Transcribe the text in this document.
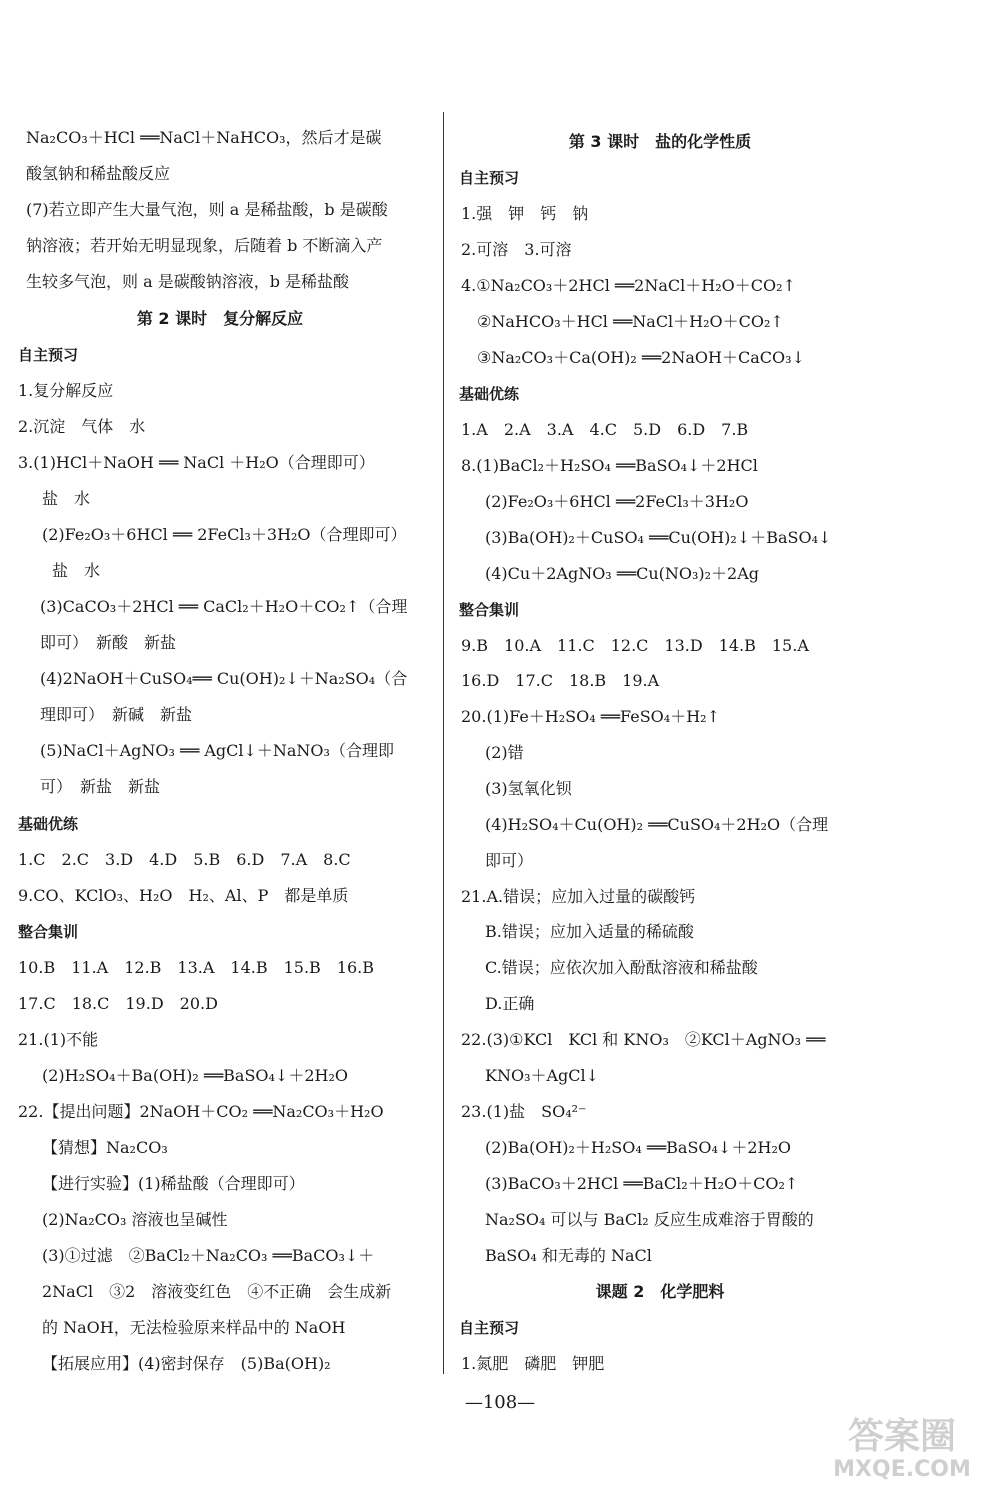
Na₂CO₃＋HCl ══NaCl＋NaHCO₃，然后才是碳
酸氢钠和稀盐酸反应
(7)若立即产生大量气泡，则 a 是稀盐酸，b 是碳酸
钠溶液；若开始无明显现象，后随着 b 不断滴入产
生较多气泡，则 a 是碳酸钠溶液，b 是稀盐酸
第 2 课时　复分解反应
自主预习
1.复分解反应
2.沉淀　气体　水
3.(1)HCl＋NaOH ══ NaCl ＋H₂O（合理即可）
盐　水
(2)Fe₂O₃＋6HCl ══ 2FeCl₃＋3H₂O（合理即可）
盐　水
(3)CaCO₃＋2HCl ══ CaCl₂＋H₂O＋CO₂↑（合理
即可）　新酸　新盐
(4)2NaOH＋CuSO₄══ Cu(OH)₂↓＋Na₂SO₄（合
理即可）　新碱　新盐
(5)NaCl＋AgNO₃ ══ AgCl↓＋NaNO₃（合理即
可）　新盐　新盐
基础优练
1.C　2.C　3.D　4.D　5.B　6.D　7.A　8.C
9.CO、KClO₃、H₂O　H₂、Al、P　都是单质
整合集训
10.B　11.A　12.B　13.A　14.B　15.B　16.B
17.C　18.C　19.D　20.D
21.(1)不能
(2)H₂SO₄＋Ba(OH)₂ ══BaSO₄↓＋2H₂O
22.【提出问题】2NaOH＋CO₂ ══Na₂CO₃＋H₂O
【猜想】Na₂CO₃
【进行实验】(1)稀盐酸（合理即可）
(2)Na₂CO₃ 溶液也呈碱性
(3)①过滤　②BaCl₂＋Na₂CO₃ ══BaCO₃↓＋
2NaCl　③2　溶液变红色　④不正确　会生成新
的 NaOH，无法检验原来样品中的 NaOH
【拓展应用】(4)密封保存　(5)Ba(OH)₂
第 3 课时　盐的化学性质
自主预习
1.强　钾　钙　钠
2.可溶　3.可溶
4.①Na₂CO₃＋2HCl ══2NaCl＋H₂O＋CO₂↑
②NaHCO₃＋HCl ══NaCl＋H₂O＋CO₂↑
③Na₂CO₃＋Ca(OH)₂ ══2NaOH＋CaCO₃↓
基础优练
1.A　2.A　3.A　4.C　5.D　6.D　7.B
8.(1)BaCl₂＋H₂SO₄ ══BaSO₄↓＋2HCl
(2)Fe₂O₃＋6HCl ══2FeCl₃＋3H₂O
(3)Ba(OH)₂＋CuSO₄ ══Cu(OH)₂↓＋BaSO₄↓
(4)Cu＋2AgNO₃ ══Cu(NO₃)₂＋2Ag
整合集训
9.B　10.A　11.C　12.C　13.D　14.B　15.A
16.D　17.C　18.B　19.A
20.(1)Fe＋H₂SO₄ ══FeSO₄＋H₂↑
(2)错
(3)氢氧化钡
(4)H₂SO₄＋Cu(OH)₂ ══CuSO₄＋2H₂O（合理
即可）
21.A.错误；应加入过量的碳酸钙
B.错误；应加入适量的稀硫酸
C.错误；应依次加入酚酞溶液和稀盐酸
D.正确
22.(3)①KCl　KCl 和 KNO₃　②KCl＋AgNO₃ ══
KNO₃＋AgCl↓
23.(1)盐　SO₄²⁻
(2)Ba(OH)₂＋H₂SO₄ ══BaSO₄↓＋2H₂O
(3)BaCO₃＋2HCl ══BaCl₂＋H₂O＋CO₂↑
Na₂SO₄ 可以与 BaCl₂ 反应生成难溶于胃酸的
BaSO₄ 和无毒的 NaCl
课题 2　化学肥料
自主预习
1.氮肥　磷肥　钾肥
—108—
答案圈
MXQE.COM
